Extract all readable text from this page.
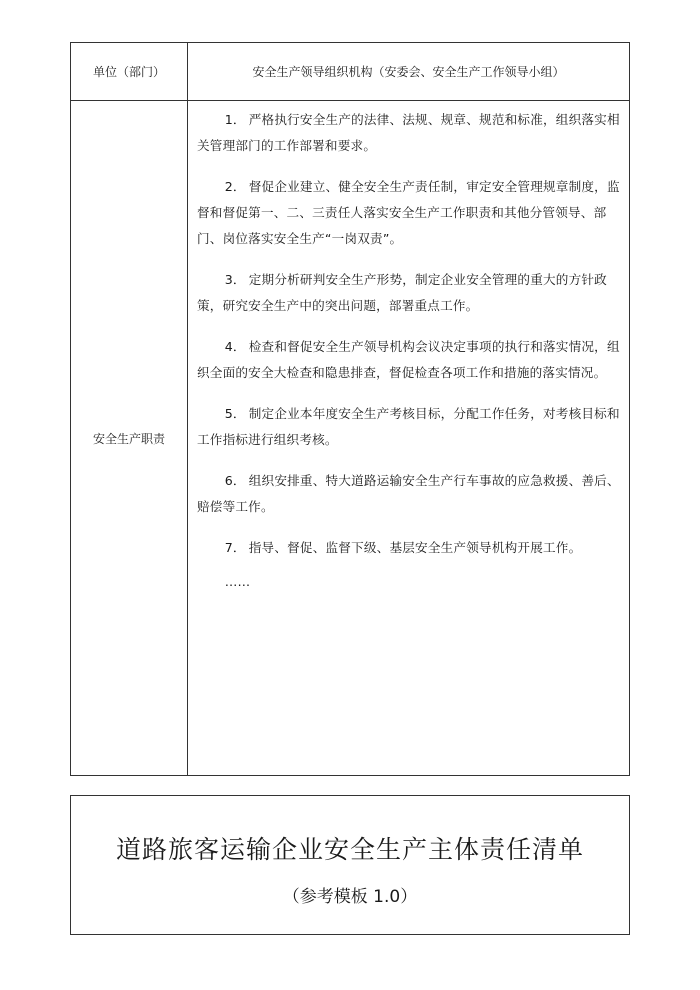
单位（部门）	安全生产领导组织机构（安委会、安全生产工作领导小组）
安全生产职责

1． 严格执行安全生产的法律、法规、规章、规范和标准，组织落实相关管理部门的工作部署和要求。

2． 督促企业建立、健全安全生产责任制，审定安全管理规章制度，监督和督促第一、二、三责任人落实安全生产工作职责和其他分管领导、部门、岗位落实安全生产“一岗双责”。

3． 定期分析研判安全生产形势，制定企业安全管理的重大的方针政策，研究安全生产中的突出问题，部署重点工作。

4． 检查和督促安全生产领导机构会议决定事项的执行和落实情况，组织全面的安全大检查和隐患排查，督促检查各项工作和措施的落实情况。

5． 制定企业本年度安全生产考核目标，分配工作任务，对考核目标和工作指标进行组织考核。

6． 组织安排重、特大道路运输安全生产行车事故的应急救援、善后、赔偿等工作。

7． 指导、督促、监督下级、基层安全生产领导机构开展工作。

……
道路旅客运输企业安全生产主体责任清单
（参考模板 1.0）
